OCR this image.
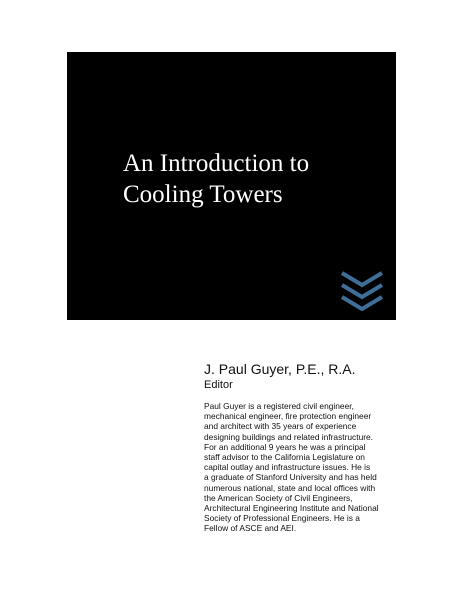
An Introduction to
Cooling Towers

J. Paul Guyer, P.E., R.A.

Editor

Paul Guyer is a registered civil engineer,
mechanical engineer, fire protection engineer
and architect with 35 years of experience
designing buildings and related infrastructure.
For an additional 9 years he was a principal
staff advisor to the California Legislature on
capital outlay and infrastructure issues. He is
a graduate of Stanford University and has held
numerous national, state and local offices with
the American Society of Civil Engineers,
Architectural Engineering Institute and National
Society of Professional Engineers. He is a
Fellow of ASCE and AEI.
